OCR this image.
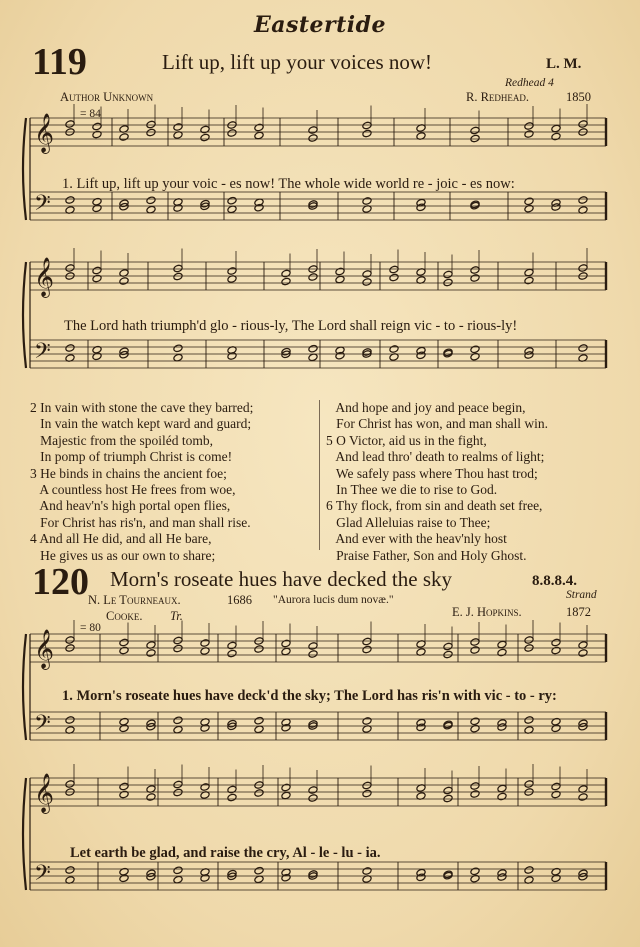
Eastertide
119	Lift up, lift up your voices now!	L. M.
Redhead 4
Author Unknown	R. Redhead.	1850
= 84
1. Lift up, lift up your voic - es now! The whole wide world re - joic - es now:
The Lord hath triumph'd glo - rious-ly, The Lord shall reign vic - to - rious-ly!
2 In vain with stone the cave they barred;
In vain the watch kept ward and guard;
Majestic from the spoiléd tomb,
In pomp of triumph Christ is come!
3 He binds in chains the ancient foe;
A countless host He frees from woe,
And heav'n's high portal open flies,
For Christ has ris'n, and man shall rise.
4 And all He did, and all He bare,
He gives us as our own to share;
And hope and joy and peace begin,
For Christ has won, and man shall win.
5 O Victor, aid us in the fight,
And lead thro' death to realms of light;
We safely pass where Thou hast trod;
In Thee we die to rise to God.
6 Thy flock, from sin and death set free,
Glad Alleluias raise to Thee;
And ever with the heav'nly host
Praise Father, Son and Holy Ghost.
120 Morn's roseate hues have decked the sky	8.8.8.4.
Strand
N. Le Tourneaux.	1686 "Aurora lucis dum novæ."
Cooke. Tr.	E. J. Hopkins.	1872
= 80
1. Morn's roseate hues have deck'd the sky; The Lord has ris'n with vic - to - ry:
Let earth be glad, and raise the cry, Al - le - lu - ia.
𝄞
𝄢
𝄞
𝄢
𝄞
𝄢
𝄞
𝄢
